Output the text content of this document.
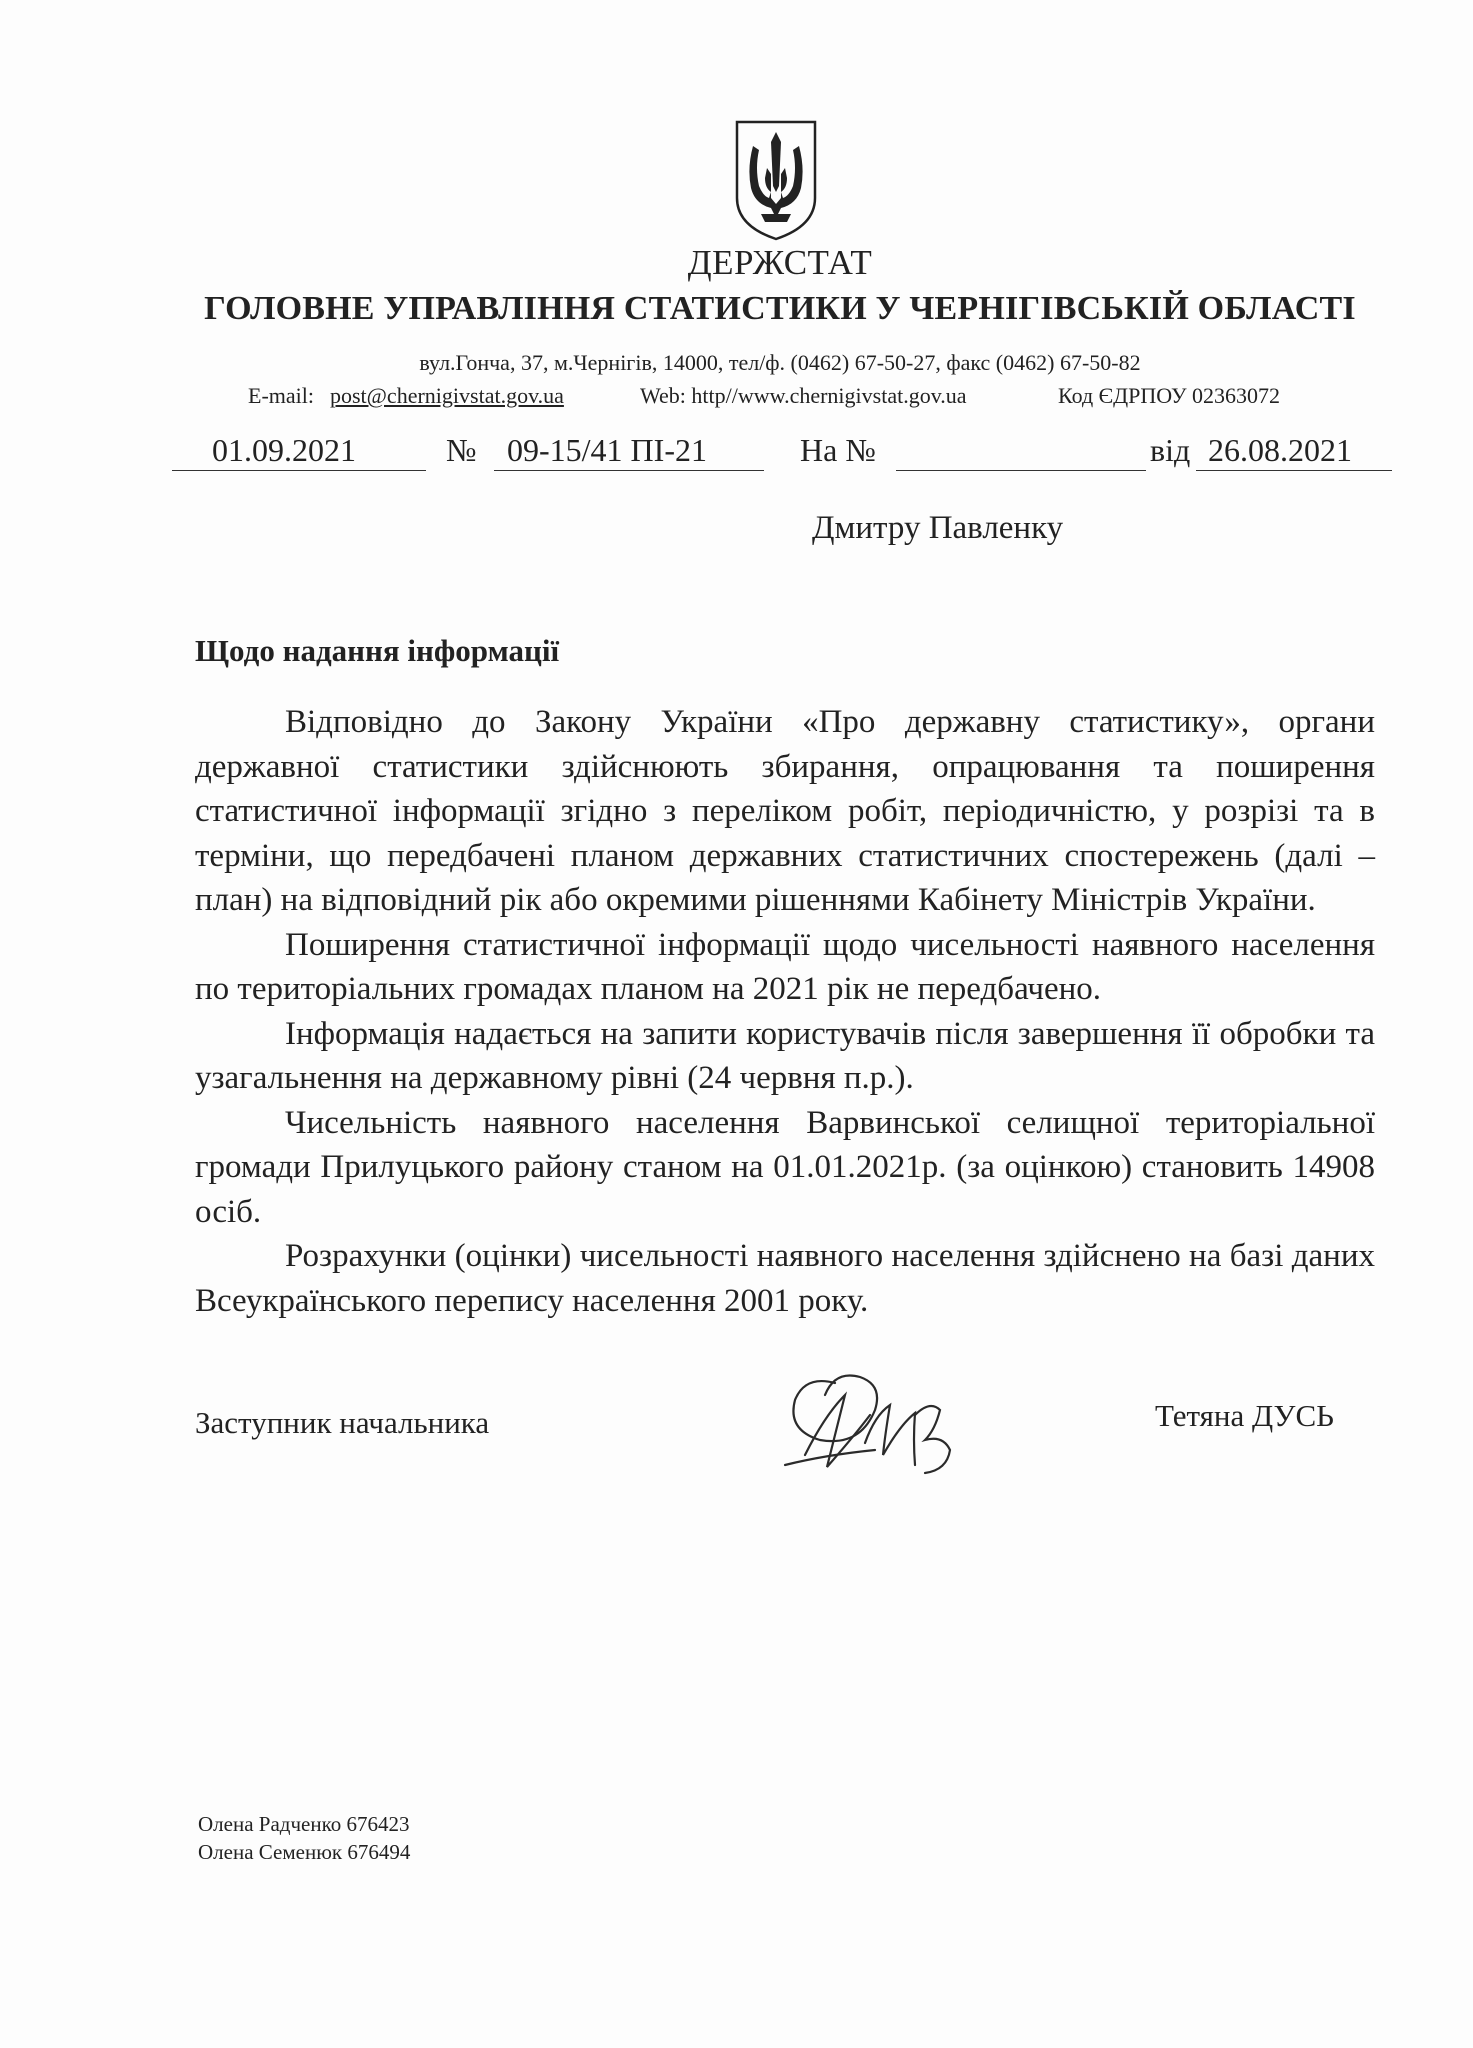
ДЕРЖСТАТ
ГОЛОВНЕ УПРАВЛІННЯ СТАТИСТИКИ У ЧЕРНІГІВСЬКІЙ ОБЛАСТІ
вул.Гонча, 37, м.Чернігів, 14000, тел/ф. (0462) 67-50-27, факс (0462) 67-50-82
E-mail: post@chernigivstat.gov.ua	Web: http//www.chernigivstat.gov.ua	Код ЄДРПОУ 02363072
01.09.2021	№ 09-15/41 ПІ-21	На №	від 26.08.2021
Дмитру Павленку
Щодо надання інформації

Відповідно до Закону України «Про державну статистику», органи державної статистики здійснюють збирання, опрацювання та поширення статистичної інформації згідно з переліком робіт, періодичністю, у розрізі та в терміни, що передбачені планом державних статистичних спостережень (далі – план) на відповідний рік або окремими рішеннями Кабінету Міністрів України.

Поширення статистичної інформації щодо чисельності наявного населення по територіальних громадах планом на 2021 рік не передбачено.

Інформація надається на запити користувачів після завершення її обробки та узагальнення на державному рівні (24 червня п.р.).

Чисельність наявного населення Варвинської селищної територіальної громади Прилуцького району станом на 01.01.2021р. (за оцінкою) становить 14908 осіб.

Розрахунки (оцінки) чисельності наявного населення здійснено на базі даних Всеукраїнського перепису населення 2001 року.

Заступник начальника	Тетяна ДУСЬ
Олена Радченко 676423
Олена Семенюк 676494
